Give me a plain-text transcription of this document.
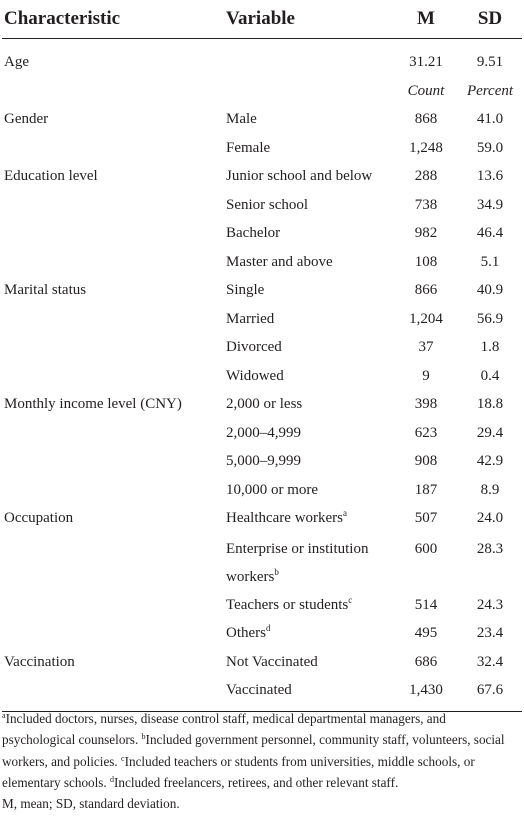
Characteristic	Variable	M	SD
Age		31.21	9.51
		Count	Percent
Gender	Male	868	41.0
	Female	1,248	59.0
Education level	Junior school and below	288	13.6
	Senior school	738	34.9
	Bachelor	982	46.4
	Master and above	108	5.1
Marital status	Single	866	40.9
	Married	1,204	56.9
	Divorced	37	1.8
	Widowed	9	0.4
Monthly income level (CNY)	2,000 or less	398	18.8
	2,000–4,999	623	29.4
	5,000–9,999	908	42.9
	10,000 or more	187	8.9
Occupation	Healthcare workers$^a$	507	24.0
	Enterprise or institution
workers$^b$	600	28.3
	Teachers or students$^c$	514	24.3
	Others$^d$	495	23.4
Vaccination	Not Vaccinated	686	32.4
	Vaccinated	1,430	67.6
$^a$Included doctors, nurses, disease control staff, medical departmental managers, and psychological counselors. $^b$Included government personnel, community staff, volunteers, social workers, and policies. $^c$Included teachers or students from universities, middle schools, or elementary schools. $^d$Included freelancers, retirees, and other relevant staff.
M, mean; SD, standard deviation.
